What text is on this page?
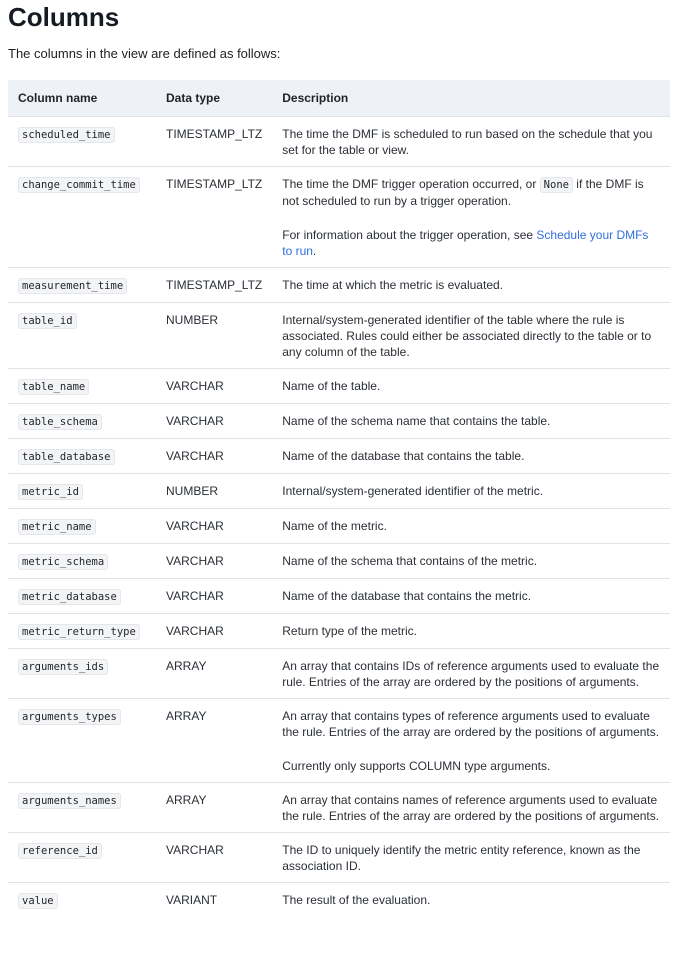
Columns

The columns in the view are defined as follows:

Column name	Data type	Description
scheduled_time	TIMESTAMP_LTZ	The time the DMF is scheduled to run based on the schedule that you set for the table or view.

change_commit_time	TIMESTAMP_LTZ	The time the DMF trigger operation occurred, or None if the DMF is not scheduled to run by a trigger operation.

For information about the trigger operation, see Schedule your DMFs to run.

measurement_time	TIMESTAMP_LTZ	The time at which the metric is evaluated.

table_id	NUMBER	Internal/system-generated identifier of the table where the rule is associated. Rules could either be associated directly to the table or to any column of the table.

table_name	VARCHAR	Name of the table.

table_schema	VARCHAR	Name of the schema name that contains the table.

table_database	VARCHAR	Name of the database that contains the table.

metric_id	NUMBER	Internal/system-generated identifier of the metric.

metric_name	VARCHAR	Name of the metric.

metric_schema	VARCHAR	Name of the schema that contains of the metric.

metric_database	VARCHAR	Name of the database that contains the metric.

metric_return_type	VARCHAR	Return type of the metric.

arguments_ids	ARRAY	An array that contains IDs of reference arguments used to evaluate the rule. Entries of the array are ordered by the positions of arguments.

arguments_types	ARRAY	An array that contains types of reference arguments used to evaluate the rule. Entries of the array are ordered by the positions of arguments.

Currently only supports COLUMN type arguments.

arguments_names	ARRAY	An array that contains names of reference arguments used to evaluate the rule. Entries of the array are ordered by the positions of arguments.

reference_id	VARCHAR	The ID to uniquely identify the metric entity reference, known as the association ID.

value	VARIANT	The result of the evaluation.
